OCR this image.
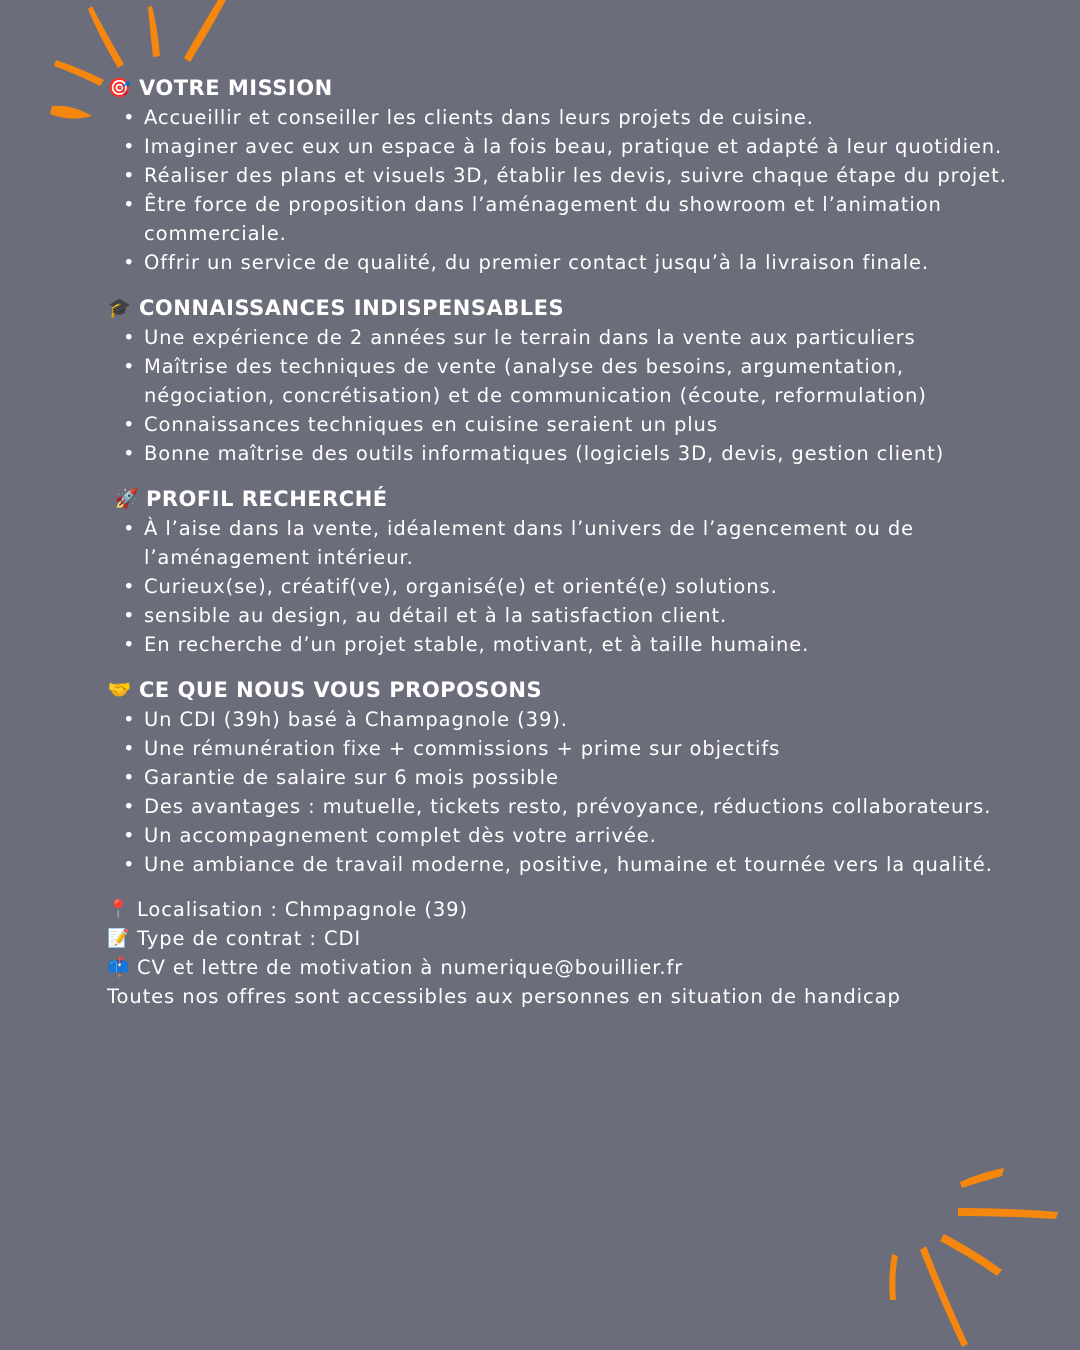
🎯 VOTRE MISSION
• Accueillir et conseiller les clients dans leurs projets de cuisine.
• Imaginer avec eux un espace à la fois beau, pratique et adapté à leur quotidien.
• Réaliser des plans et visuels 3D, établir les devis, suivre chaque étape du projet.
• Être force de proposition dans l’aménagement du showroom et l’animation commerciale.
• Offrir un service de qualité, du premier contact jusqu’à la livraison finale.
🎓 CONNAISSANCES INDISPENSABLES
• Une expérience de 2 années sur le terrain dans la vente aux particuliers
• Maîtrise des techniques de vente (analyse des besoins, argumentation, négociation, concrétisation) et de communication (écoute, reformulation)
• Connaissances techniques en cuisine seraient un plus
• Bonne maîtrise des outils informatiques (logiciels 3D, devis, gestion client)
🚀 PROFIL RECHERCHÉ
• À l’aise dans la vente, idéalement dans l’univers de l’agencement ou de l’aménagement intérieur.
• Curieux(se), créatif(ve), organisé(e) et orienté(e) solutions.
• sensible au design, au détail et à la satisfaction client.
• En recherche d’un projet stable, motivant, et à taille humaine.
🤝 CE QUE NOUS VOUS PROPOSONS
• Un CDI (39h) basé à Champagnole (39).
• Une rémunération fixe + commissions + prime sur objectifs
• Garantie de salaire sur 6 mois possible
• Des avantages : mutuelle, tickets resto, prévoyance, réductions collaborateurs.
• Un accompagnement complet dès votre arrivée.
• Une ambiance de travail moderne, positive, humaine et tournée vers la qualité.
📍 Localisation : Chmpagnole (39)
📝 Type de contrat : CDI
📫 CV et lettre de motivation à numerique@bouillier.fr
Toutes nos offres sont accessibles aux personnes en situation de handicap
